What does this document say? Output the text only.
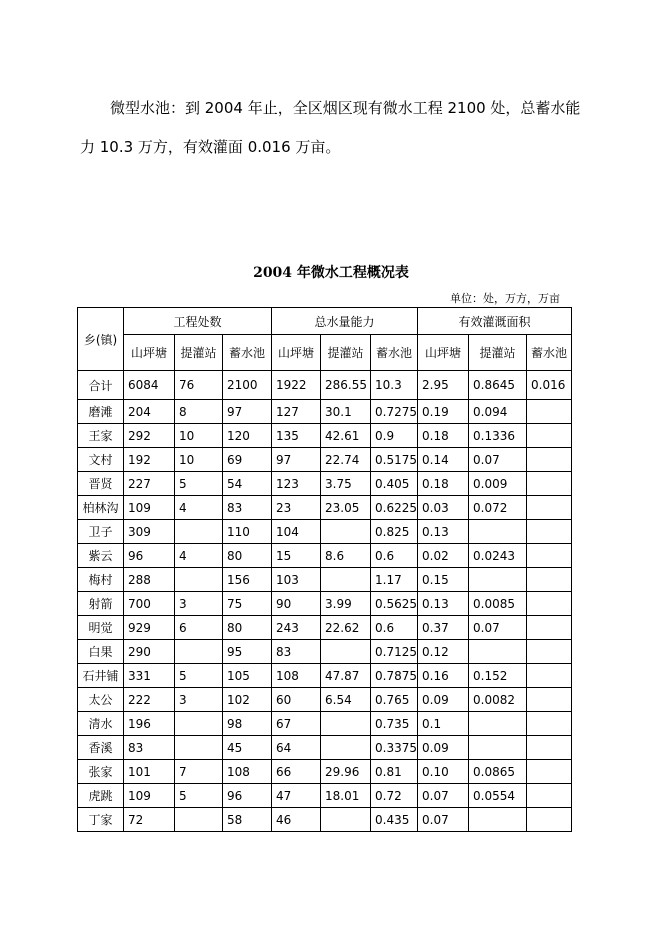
微型水池：到 2004 年止，全区烟区现有微水工程 2100 处，总蓄水能
力 10.3 万方，有效灌面 0.016 万亩。
2004 年微水工程概况表
单位：处，万方，万亩
乡(镇)	工程处数			总水量能力			有效灌溉面积		
	山坪塘	提灌站	蓄水池	山坪塘	提灌站	蓄水池	山坪塘	提灌站	蓄水池
合计	6084	76	2100	1922	286.55	10.3	2.95	0.8645	0.016
磨滩	204	8	97	127	30.1	0.7275	0.19	0.094	
王家	292	10	120	135	42.61	0.9	0.18	0.1336	
文村	192	10	69	97	22.74	0.5175	0.14	0.07	
晋贤	227	5	54	123	3.75	0.405	0.18	0.009	
柏林沟	109	4	83	23	23.05	0.6225	0.03	0.072	
卫子	309		110	104		0.825	0.13		
紫云	96	4	80	15	8.6	0.6	0.02	0.0243	
梅村	288		156	103		1.17	0.15		
射箭	700	3	75	90	3.99	0.5625	0.13	0.0085	
明觉	929	6	80	243	22.62	0.6	0.37	0.07	
白果	290		95	83		0.7125	0.12		
石井铺	331	5	105	108	47.87	0.7875	0.16	0.152	
太公	222	3	102	60	6.54	0.765	0.09	0.0082	
清水	196		98	67		0.735	0.1		
香溪	83		45	64		0.3375	0.09		
张家	101	7	108	66	29.96	0.81	0.10	0.0865	
虎跳	109	5	96	47	18.01	0.72	0.07	0.0554	
丁家	72		58	46		0.435	0.07		
